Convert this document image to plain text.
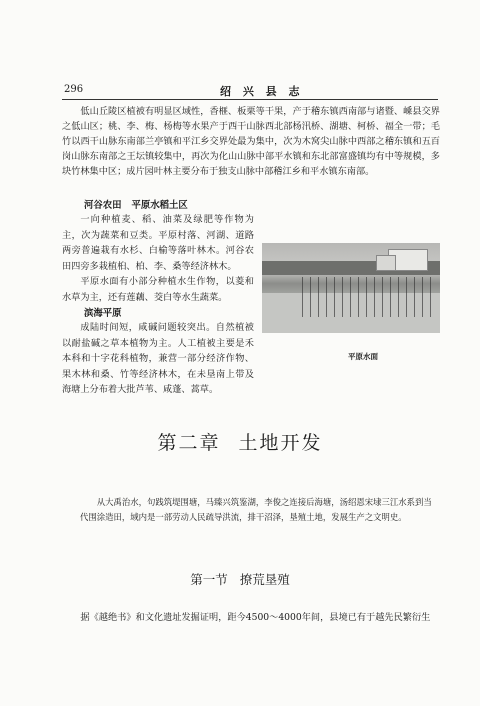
296	绍 兴 县 志

低山丘陵区植被有明显区域性，香榧、板栗等干果，产于稽东镇西南部与诸暨、嵊县交界之低山区；桃、李、梅、杨梅等水果产于西干山脉西北部杨汛桥、湖塘、柯桥、福全一带；毛竹以西干山脉东南部兰亭镇和平江乡交界处最为集中，次为木窝尖山脉中西部之稽东镇和五百岗山脉东南部之王坛镇较集中，再次为化山山脉中部平水镇和东北部富盛镇均有中等规模，多块竹林集中区；成片园叶林主要分布于独支山脉中部稽江乡和平水镇东南部。

河谷农田 平原水稻土区

一向种植麦、稻、油菜及绿肥等作物为主，次为蔬菜和豆类。平原村落、河湖、道路两旁普遍栽有水杉、白榆等落叶林木。河谷农田四旁多栽植桕、柏、李、桑等经济林木。

平原水面有小部分种植水生作物，以菱和水草为主，还有莲藕、茭白等水生蔬菜。

滨海平原

成陆时间短，咸碱问题较突出。自然植被以耐盐碱之草本植物为主。人工植被主要是禾本科和十字花科植物，兼营一部分经济作物、果木林和桑、竹等经济林木，在未垦南上带及海塘上分布着大批芦苇、咸蓬、蒿草。

平原水面
第二章 土地开发

从大禹治水，句践筑堤围塘，马臻兴筑鉴湖，李俊之连接后海塘，汤绍恩宋埭三江水系到当代围涂造田，域内是一部劳动人民疏导洪流，排干沼泽，垦殖土地，发展生产之文明史。

第一节 撩荒垦殖

据《越绝书》和文化遗址发掘证明，距今4500～4000年间，县境已有于越先民繁衍生
